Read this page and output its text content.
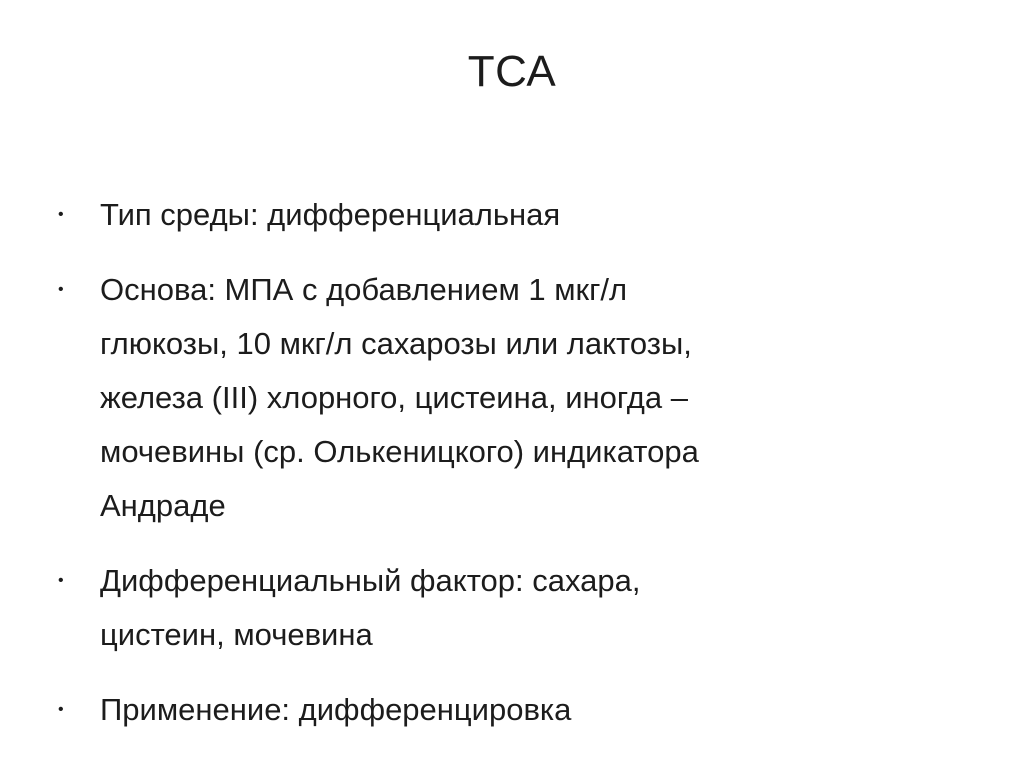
ТСА
•
Тип среды: дифференциальная
•
Основа: МПА с добавлением 1 мкг/л
глюкозы, 10 мкг/л сахарозы или лактозы,
железа (III) хлорного, цистеина, иногда –
мочевины (ср. Олькеницкого) индикатора
Андраде
•
Дифференциальный фактор: сахара,
цистеин, мочевина
•
Применение: дифференцировка
